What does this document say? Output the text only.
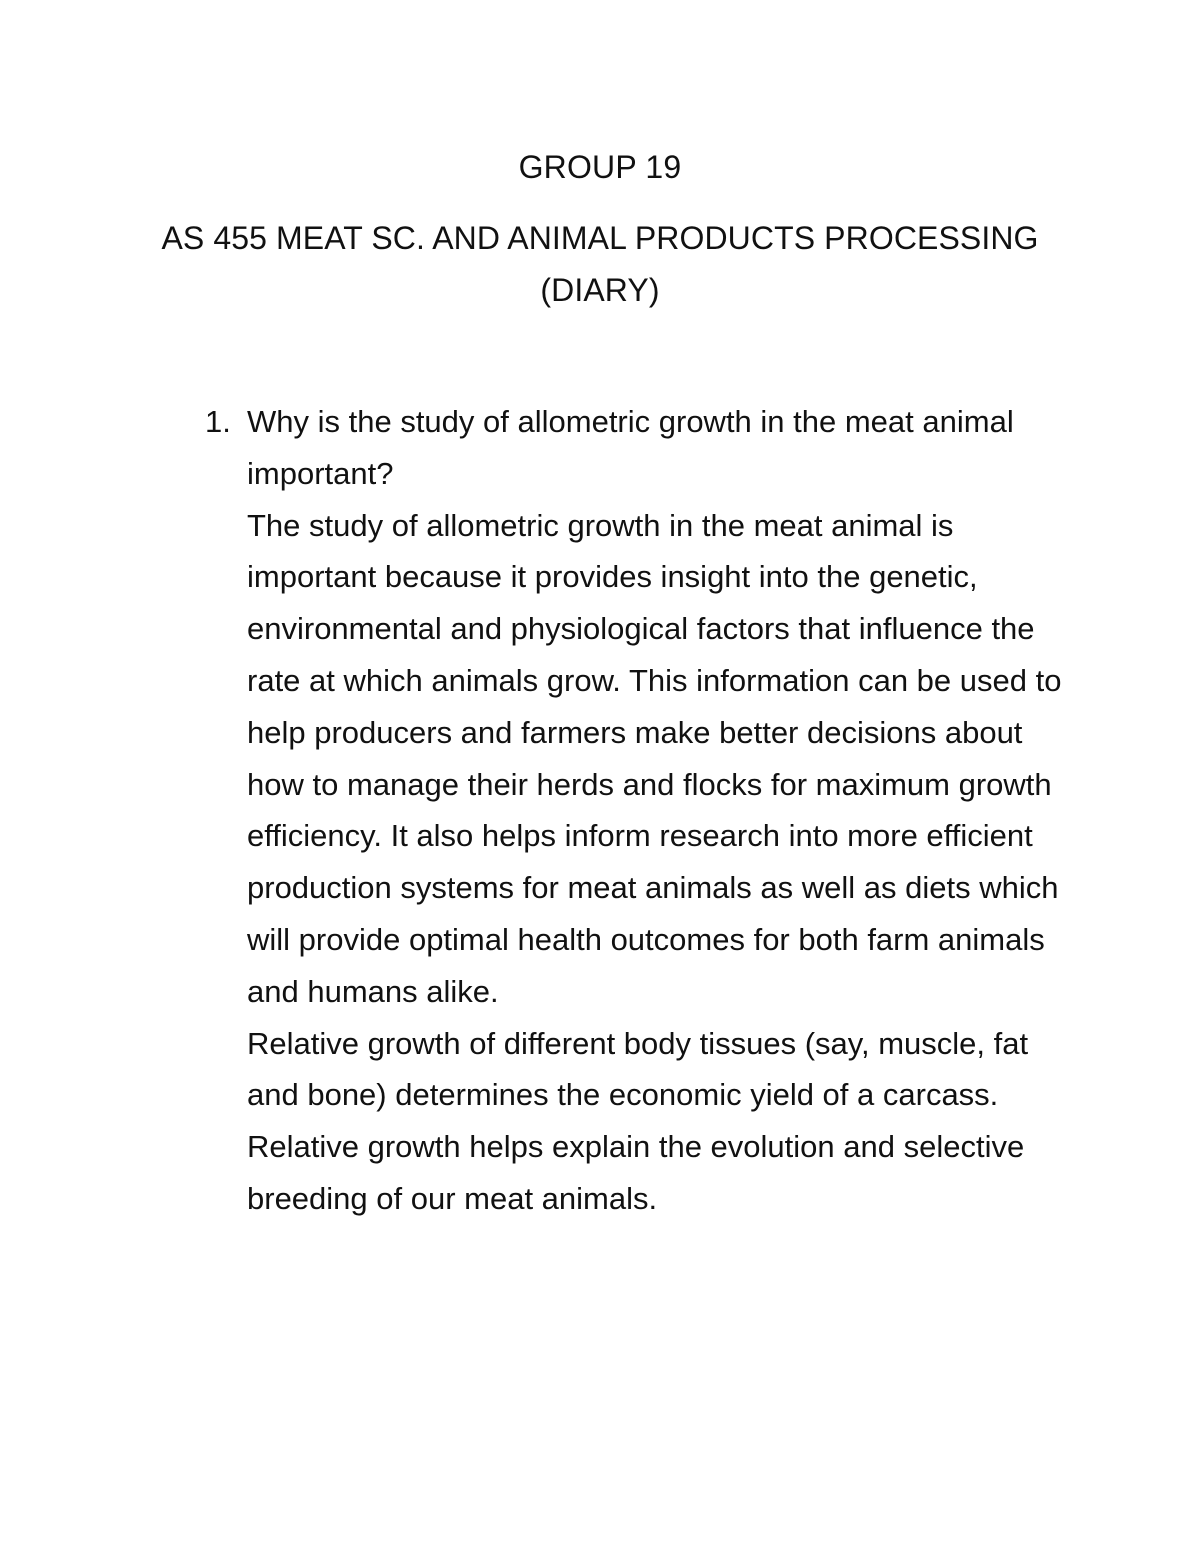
GROUP 19
AS 455 MEAT SC. AND ANIMAL PRODUCTS PROCESSING
(DIARY)
1. Why is the study of allometric growth in the meat animal important?

The study of allometric growth in the meat animal is important because it provides insight into the genetic, environmental and physiological factors that influence the rate at which animals grow. This information can be used to help producers and farmers make better decisions about how to manage their herds and flocks for maximum growth efficiency. It also helps inform research into more efficient production systems for meat animals as well as diets which will provide optimal health outcomes for both farm animals and humans alike.

Relative growth of different body tissues (say, muscle, fat and bone) determines the economic yield of a carcass. Relative growth helps explain the evolution and selective breeding of our meat animals.
